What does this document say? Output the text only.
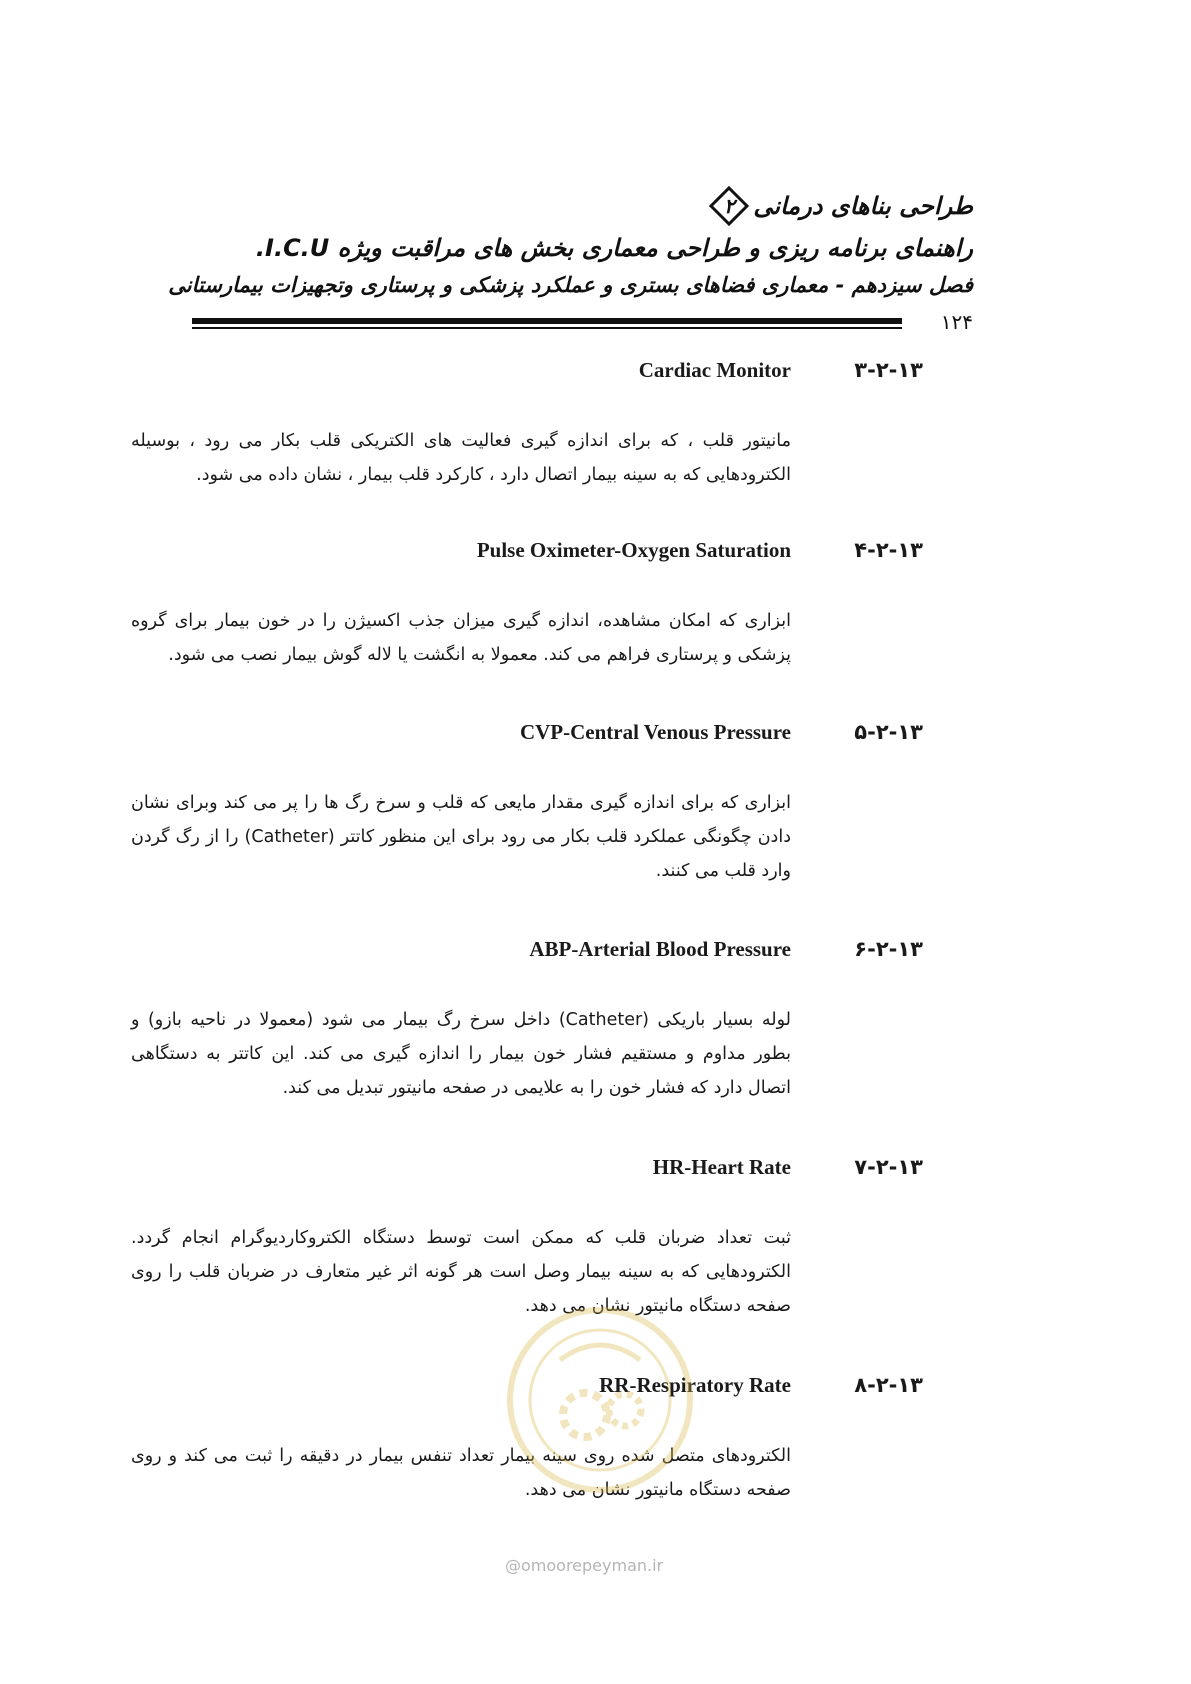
طراحی بناهای درمانی
۲
راهنمای برنامه ریزی و طراحی معماری بخش های مراقبت ویژه I.C.U.
فصل سیزدهم - معماری فضاهای بستری و عملکرد پزشکی و پرستاری وتجهیزات بیمارستانی
۱۲۴
Cardiac Monitor	۳-۲-۱۳
مانیتور قلب ، که برای اندازه گیری فعالیت های الکتریکی قلب بکار می رود ، بوسیله الکترودهایی که به سینه بیمار اتصال دارد ، کارکرد قلب بیمار ، نشان داده می شود.
Pulse Oximeter-Oxygen Saturation	۴-۲-۱۳
ابزاری که امکان مشاهده، اندازه گیری میزان جذب اکسیژن را در خون بیمار برای گروه پزشکی و پرستاری فراهم می کند. معمولا به انگشت یا لاله گوش بیمار نصب می شود.
CVP-Central Venous Pressure	۵-۲-۱۳
ابزاری که برای اندازه گیری مقدار مایعی که قلب و سرخ رگ ها را پر می کند وبرای نشان دادن چگونگی عملکرد قلب بکار می رود برای این منظور کاتتر (Catheter) را از رگ گردن وارد قلب می کنند.
ABP-Arterial Blood Pressure	۶-۲-۱۳
لوله بسیار باریکی (Catheter) داخل سرخ رگ بیمار می شود (معمولا در ناحیه بازو) و بطور مداوم و مستقیم فشار خون بیمار را اندازه گیری می کند. این کاتتر به دستگاهی اتصال دارد که فشار خون را به علایمی در صفحه مانیتور تبدیل می کند.
HR-Heart Rate	۷-۲-۱۳
ثبت تعداد ضربان قلب که ممکن است توسط دستگاه الکتروکاردیوگرام انجام گردد. الکترودهایی که به سینه بیمار وصل است هر گونه اثر غیر متعارف در ضربان قلب را روی صفحه دستگاه مانیتور نشان می دهد.
RR-Respiratory Rate	۸-۲-۱۳
الکترودهای متصل شده روی سینه بیمار تعداد تنفس بیمار در دقیقه را ثبت می کند و روی صفحه دستگاه مانیتور نشان می دهد.
@omoorepeyman.ir
